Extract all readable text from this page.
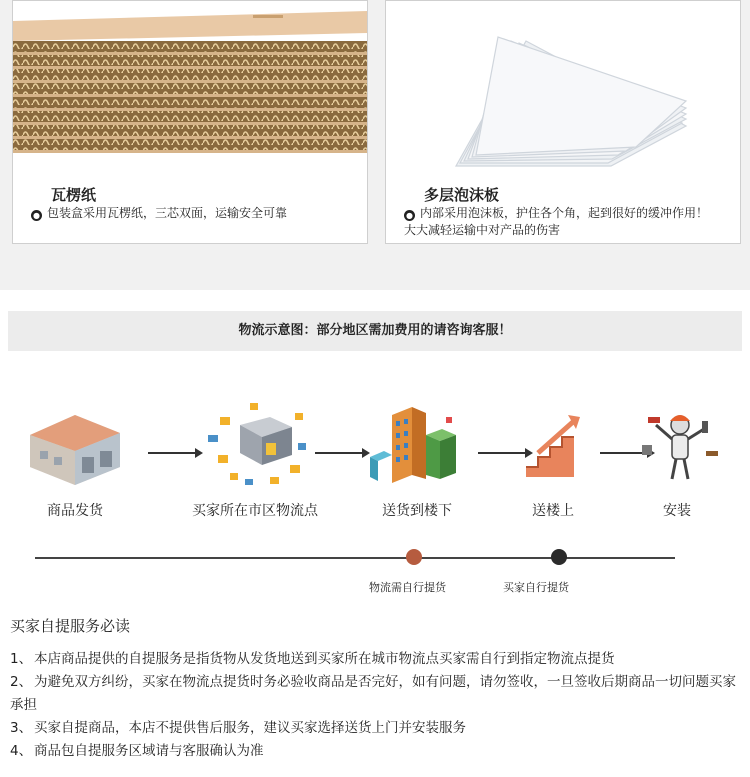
瓦楞纸
● 包装盒采用瓦楞纸，三芯双面，运输安全可靠
多层泡沫板
● 内部采用泡沫板，护住各个角，起到很好的缓冲作用！大大减轻运输中对产品的伤害
物流示意图：部分地区需加费用的请咨询客服！
商品发货	买家所在市区物流点	送货到楼下	送楼上	安装
物流需自行提货	买家自行提货
买家自提服务必读
1、 本店商品提供的自提服务是指货物从发货地送到买家所在城市物流点买家需自行到指定物流点提货
2、 为避免双方纠纷，买家在物流点提货时务必验收商品是否完好，如有问题，请勿签收，一旦签收后期商品一切问题买家承担
3、 买家自提商品，本店不提供售后服务，建议买家选择送货上门并安装服务
4、 商品包自提服务区域请与客服确认为准
